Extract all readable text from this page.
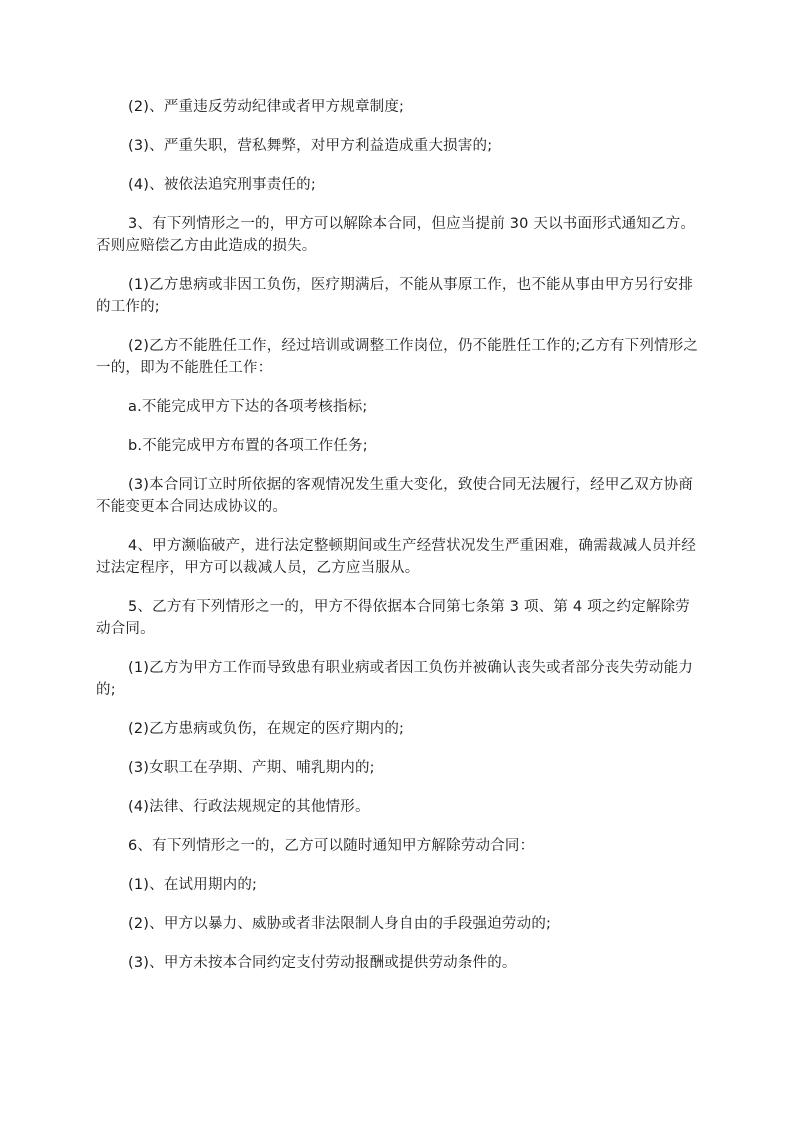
(2)、严重违反劳动纪律或者甲方规章制度;

(3)、严重失职，营私舞弊，对甲方利益造成重大损害的;

(4)、被依法追究刑事责任的;

3、有下列情形之一的，甲方可以解除本合同，但应当提前 30 天以书面形式通知乙方。否则应赔偿乙方由此造成的损失。

(1)乙方患病或非因工负伤，医疗期满后，不能从事原工作，也不能从事由甲方另行安排的工作的;

(2)乙方不能胜任工作，经过培训或调整工作岗位，仍不能胜任工作的;乙方有下列情形之一的，即为不能胜任工作：

a.不能完成甲方下达的各项考核指标;

b.不能完成甲方布置的各项工作任务;

(3)本合同订立时所依据的客观情况发生重大变化，致使合同无法履行，经甲乙双方协商不能变更本合同达成协议的。

4、甲方濒临破产，进行法定整顿期间或生产经营状况发生严重困难，确需裁减人员并经过法定程序，甲方可以裁减人员，乙方应当服从。

5、乙方有下列情形之一的，甲方不得依据本合同第七条第 3 项、第 4 项之约定解除劳动合同。

(1)乙方为甲方工作而导致患有职业病或者因工负伤并被确认丧失或者部分丧失劳动能力的;

(2)乙方患病或负伤，在规定的医疗期内的;

(3)女职工在孕期、产期、哺乳期内的;

(4)法律、行政法规规定的其他情形。

6、有下列情形之一的，乙方可以随时通知甲方解除劳动合同：

(1)、在试用期内的;

(2)、甲方以暴力、威胁或者非法限制人身自由的手段强迫劳动的;

(3)、甲方未按本合同约定支付劳动报酬或提供劳动条件的。
